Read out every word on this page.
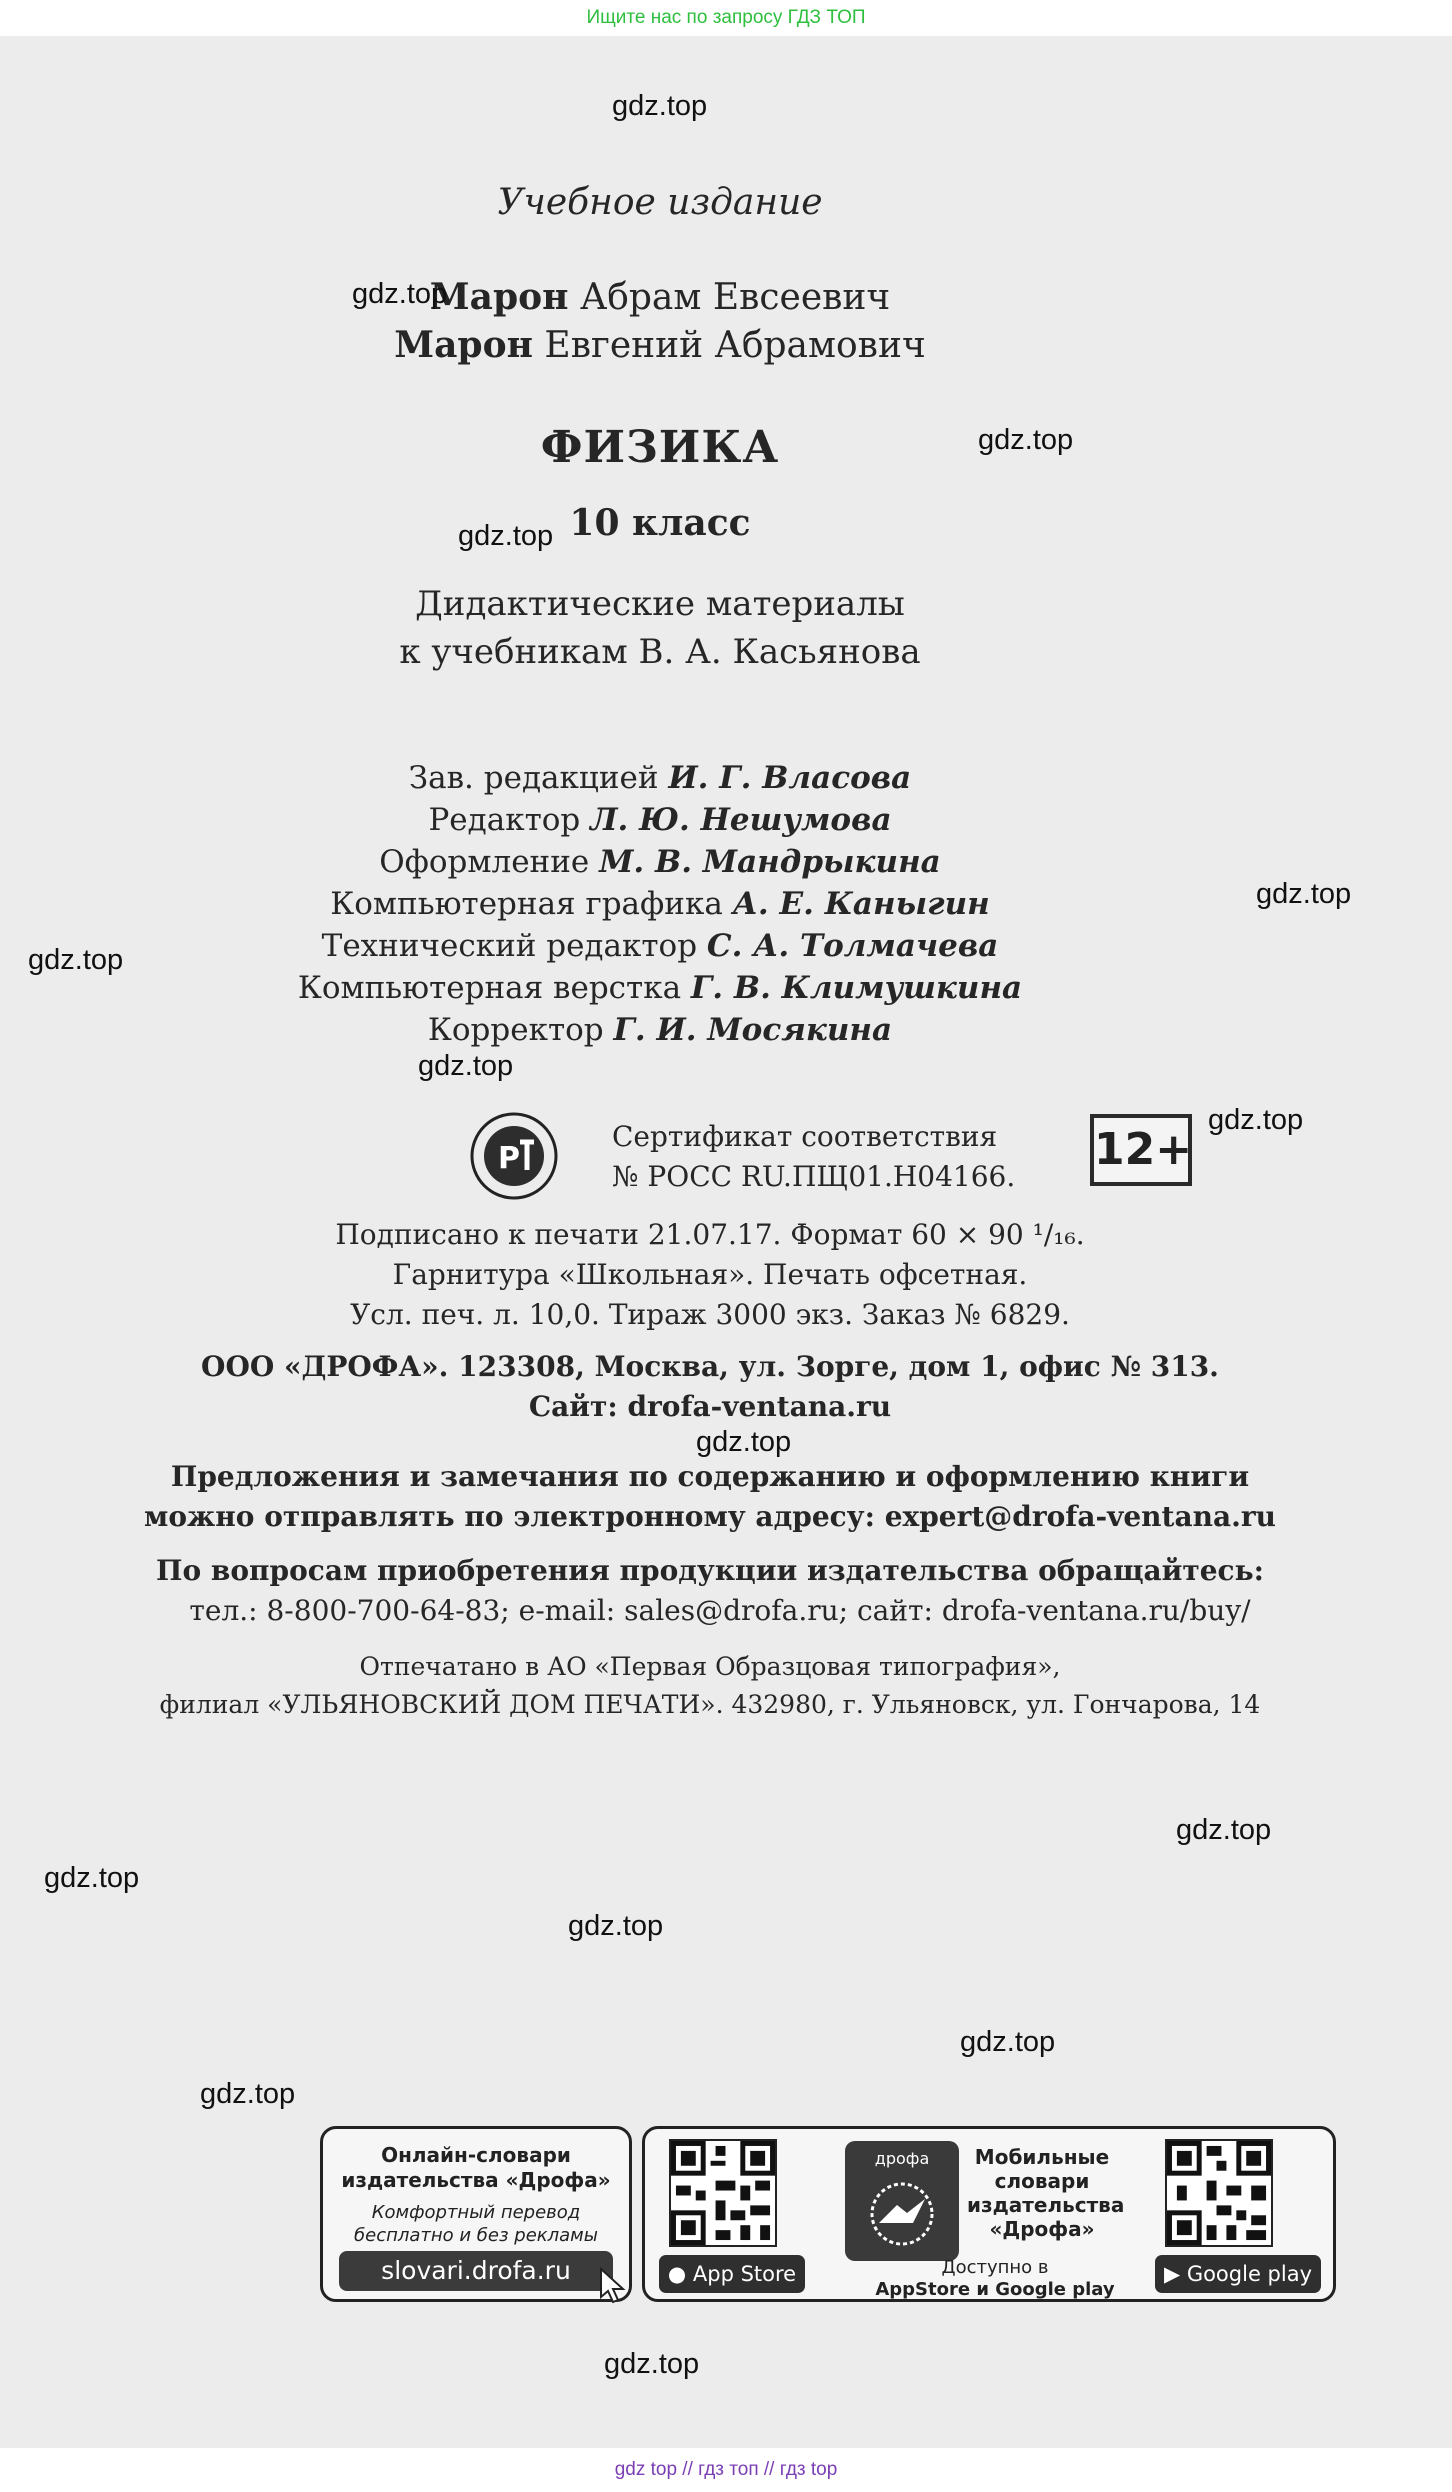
Ищите нас по запросу ГДЗ ТОП
Учебное издание
Марон Абрам Евсеевич
Марон Евгений Абрамович
ФИЗИКА
10 класс
Дидактические материалы
к учебникам В. А. Касьянова
Зав. редакцией И. Г. Власова
Редактор Л. Ю. Нешумова
Оформление М. В. Мандрыкина
Компьютерная графика А. Е. Каныгин
Технический редактор С. А. Толмачева
Компьютерная верстка Г. В. Климушкина
Корректор Г. И. Мосякина
Р
Сертификат соответствия
№ РОСС RU.ПЩ01.Н04166.
12+
Подписано к печати 21.07.17. Формат 60 × 90 ¹/₁₆.
Гарнитура «Школьная». Печать офсетная.
Усл. печ. л. 10,0. Тираж 3000 экз. Заказ № 6829.
ООО «ДРОФА». 123308, Москва, ул. Зорге, дом 1, офис № 313.
Сайт: drofa-ventana.ru
Предложения и замечания по содержанию и оформлению книги
можно отправлять по электронному адресу: expert@drofa-ventana.ru
По вопросам приобретения продукции издательства обращайтесь:
тел.: 8-800-700-64-83; e-mail: sales@drofa.ru; сайт: drofa-ventana.ru/buy/
Отпечатано в АО «Первая Образцовая типография»,
филиал «УЛЬЯНОВСКИЙ ДОМ ПЕЧАТИ». 432980, г. Ульяновск, ул. Гончарова, 14
Онлайн-словари
издательства «Дрофа»
Комфортный перевод
бесплатно и без рекламы
slovari.drofa.ru	● App Store
дрофа	Мобильные
словари
издательства
«Дрофа»
Доступно в
AppStore и Google play
▶ Google play
gdz.top
gdz.top
gdz.top
gdz.top
gdz.top
gdz.top
gdz.top
gdz.top
gdz.top
gdz.top
gdz.top
gdz.top
gdz.top
gdz.top
gdz.top
gdz top // гдз топ // гдз top
